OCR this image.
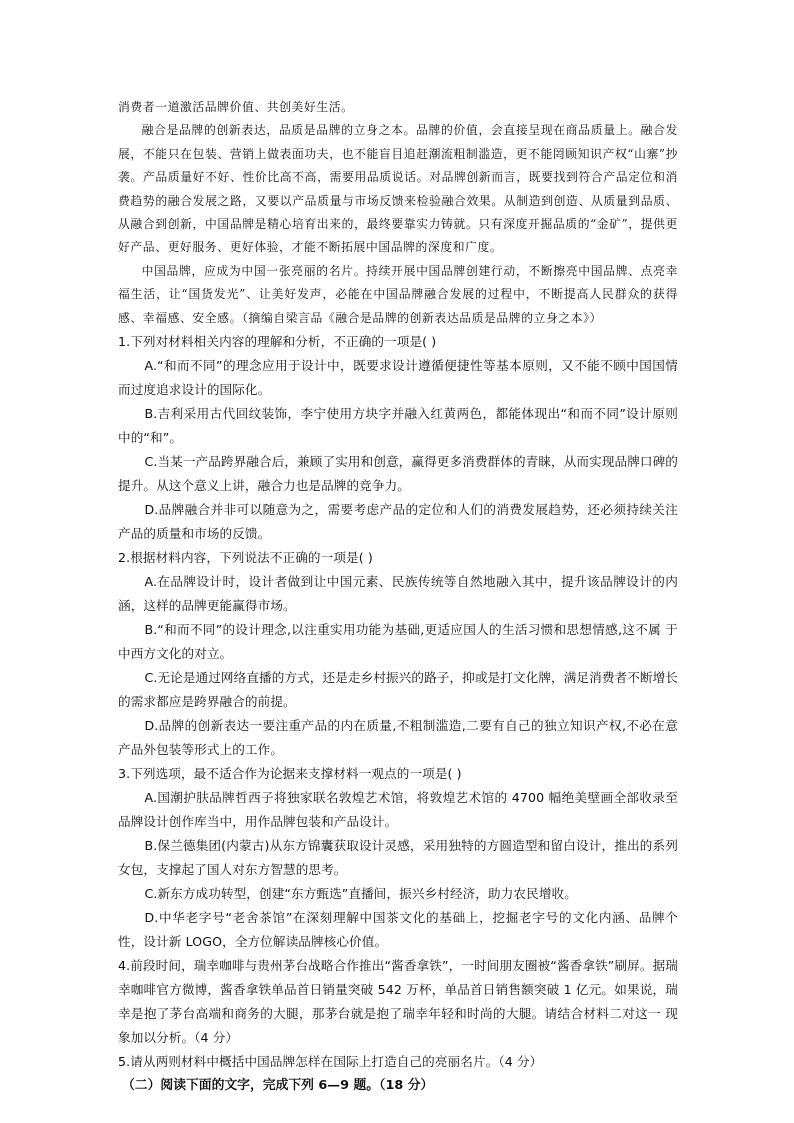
消费者一道激活品牌价值、共创美好生活。

融合是品牌的创新表达，品质是品牌的立身之本。品牌的价值，会直接呈现在商品质量上。融合发展，不能只在包装、营销上做表面功夫，也不能盲目追赶潮流粗制滥造，更不能罔顾知识产权“山寨”抄袭。产品质量好不好、性价比高不高，需要用品质说话。对品牌创新而言，既要找到符合产品定位和消费趋势的融合发展之路，又要以产品质量与市场反馈来检验融合效果。从制造到创造、从质量到品质、从融合到创新，中国品牌是精心培育出来的，最终要靠实力铸就。只有深度开掘品质的“金矿”，提供更好产品、更好服务、更好体验，才能不断拓展中国品牌的深度和广度。

中国品牌，应成为中国一张亮丽的名片。持续开展中国品牌创建行动，不断擦亮中国品牌、点亮幸福生活，让“国货发光”、让美好发声，必能在中国品牌融合发展的过程中，不断提高人民群众的获得感、幸福感、安全感。（摘编自梁言品《融合是品牌的创新表达品质是品牌的立身之本》）

1.下列对材料相关内容的理解和分析，不正确的一项是( )

A.“和而不同”的理念应用于设计中，既要求设计遵循便捷性等基本原则，又不能不顾中国国情而过度追求设计的国际化。

B.吉利采用古代回纹装饰，李宁使用方块字并融入红黄两色，都能体现出“和而不同”设计原则中的“和”。

C.当某一产品跨界融合后，兼顾了实用和创意，赢得更多消费群体的青睐，从而实现品牌口碑的提升。从这个意义上讲，融合力也是品牌的竞争力。

D.品牌融合并非可以随意为之，需要考虑产品的定位和人们的消费发展趋势，还必须持续关注产品的质量和市场的反馈。

2.根据材料内容，下列说法不正确的一项是( )

A.在品牌设计时，设计者做到让中国元素、民族传统等自然地融入其中，提升该品牌设计的内涵，这样的品牌更能赢得市场。

B.“和而不同”的设计理念,以注重实用功能为基础,更适应国人的生活习惯和思想情感,这不属 于中西方文化的对立。

C.无论是通过网络直播的方式，还是走乡村振兴的路子，抑或是打文化牌，满足消费者不断增长的需求都应是跨界融合的前提。

D.品牌的创新表达一要注重产品的内在质量,不粗制滥造,二要有自己的独立知识产权,不必在意产品外包装等形式上的工作。

3.下列选项，最不适合作为论据来支撑材料一观点的一项是( )

A.国潮护肤品牌哲西子将独家联名敦煌艺术馆，将敦煌艺术馆的 4700 幅绝美壁画全部收录至品牌设计创作库当中，用作品牌包装和产品设计。

B.保兰德集团(内蒙古)从东方锦囊获取设计灵感，采用独特的方圆造型和留白设计，推出的系列女包，支撑起了国人对东方智慧的思考。

C.新东方成功转型，创建“东方甄选”直播间，振兴乡村经济，助力农民增收。

D.中华老字号“老舍茶馆”在深刻理解中国茶文化的基础上，挖掘老字号的文化内涵、品牌个性，设计新 LOGO，全方位解读品牌核心价值。

4.前段时间，瑞幸咖啡与贵州茅台战略合作推出“酱香拿铁”，一时间朋友圈被“酱香拿铁”刷屏。据瑞幸咖啡官方微博，酱香拿铁单品首日销量突破 542 万杯，单品首日销售额突破 1 亿元。如果说，瑞幸是抱了茅台高端和商务的大腿，那茅台就是抱了瑞幸年轻和时尚的大腿。请结合材料二对这一 现象加以分析。（4 分）

5.请从两则材料中概括中国品牌怎样在国际上打造自己的亮丽名片。（4 分）

（二）阅读下面的文字，完成下列 6—9 题。（18 分）
